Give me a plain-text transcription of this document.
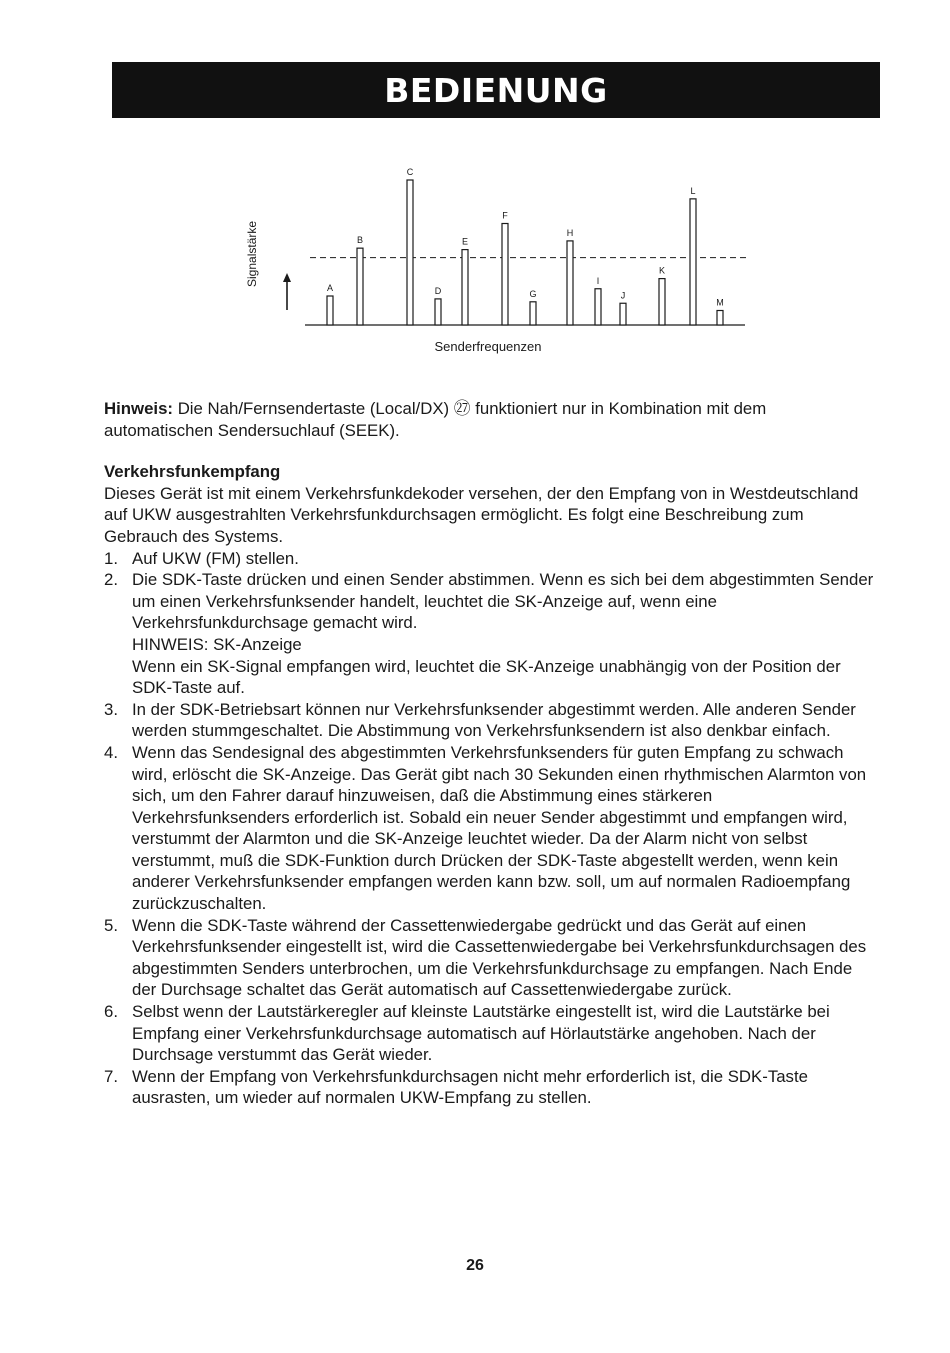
BEDIENUNG
Signalstärke
A
B
C
D
E
F
G
H
I
J
K
L
M
Senderfrequenzen
Hinweis: Die Nah/Fernsendertaste (Local/DX) ㉗ funktioniert nur in Kombination mit dem automatischen Sendersuchlauf (SEEK).
Verkehrsfunkempfang
Dieses Gerät ist mit einem Verkehrsfunkdekoder versehen, der den Empfang von in Westdeutschland auf UKW ausgestrahlten Verkehrsfunkdurchsagen ermöglicht. Es folgt eine Beschreibung zum Gebrauch des Systems.
1. Auf UKW (FM) stellen.
2. Die SDK-Taste drücken und einen Sender abstimmen. Wenn es sich bei dem abgestimmten Sender um einen Verkehrsfunksender handelt, leuchtet die SK-Anzeige auf, wenn eine Verkehrsfunkdurchsage gemacht wird.
HINWEIS: SK-Anzeige
Wenn ein SK-Signal empfangen wird, leuchtet die SK-Anzeige unabhängig von der Position der SDK-Taste auf.
3. In der SDK-Betriebsart können nur Verkehrsfunksender abgestimmt werden. Alle anderen Sender werden stummgeschaltet. Die Abstimmung von Verkehrsfunksendern ist also denkbar einfach.
4. Wenn das Sendesignal des abgestimmten Verkehrsfunksenders für guten Empfang zu schwach wird, erlöscht die SK-Anzeige. Das Gerät gibt nach 30 Sekunden einen rhythmischen Alarmton von sich, um den Fahrer darauf hinzuweisen, daß die Abstimmung eines stärkeren Verkehrsfunksenders erforderlich ist. Sobald ein neuer Sender abgestimmt und empfangen wird, verstummt der Alarmton und die SK-Anzeige leuchtet wieder. Da der Alarm nicht von selbst verstummt, muß die SDK-Funktion durch Drücken der SDK-Taste abgestellt werden, wenn kein anderer Verkehrsfunksender empfangen werden kann bzw. soll, um auf normalen Radioempfang zurückzuschalten.
5. Wenn die SDK-Taste während der Cassettenwiedergabe gedrückt und das Gerät auf einen Verkehrsfunksender eingestellt ist, wird die Cassettenwiedergabe bei Verkehrsfunkdurchsagen des abgestimmten Senders unterbrochen, um die Verkehrsfunkdurchsage zu empfangen. Nach Ende der Durchsage schaltet das Gerät automatisch auf Cassettenwiedergabe zurück.
6. Selbst wenn der Lautstärkeregler auf kleinste Lautstärke eingestellt ist, wird die Lautstärke bei Empfang einer Verkehrsfunkdurchsage automatisch auf Hörlautstärke angehoben. Nach der Durchsage verstummt das Gerät wieder.
7. Wenn der Empfang von Verkehrsfunkdurchsagen nicht mehr erforderlich ist, die SDK-Taste ausrasten, um wieder auf normalen UKW-Empfang zu stellen.
26
